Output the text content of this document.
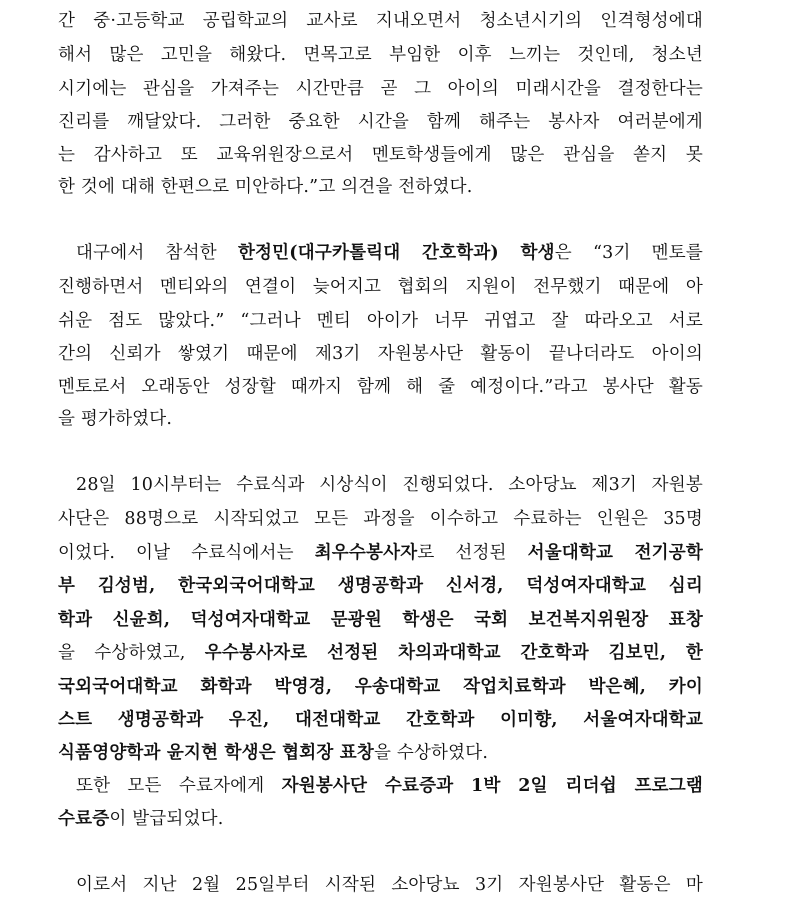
간 중·고등학교 공립학교의 교사로 지내오면서 청소년시기의 인격형성에대
해서 많은 고민을 해왔다. 면목고로 부임한 이후 느끼는 것인데, 청소년
시기에는 관심을 가져주는 시간만큼 곧 그 아이의 미래시간을 결정한다는
진리를 깨달았다. 그러한 중요한 시간을 함께 해주는 봉사자 여러분에게
는 감사하고 또 교육위원장으로서 멘토학생들에게 많은 관심을 쏟지 못
한 것에 대해 한편으로 미안하다.”고 의견을 전하였다.
대구에서 참석한 한정민(대구카톨릭대 간호학과) 학생은 “3기 멘토를
진행하면서 멘티와의 연결이 늦어지고 협회의 지원이 전무했기 때문에 아
쉬운 점도 많았다.” “그러나 멘티 아이가 너무 귀엽고 잘 따라오고 서로
간의 신뢰가 쌓였기 때문에 제3기 자원봉사단 활동이 끝나더라도 아이의
멘토로서 오래동안 성장할 때까지 함께 해 줄 예정이다.”라고 봉사단 활동
을 평가하였다.
28일 10시부터는 수료식과 시상식이 진행되었다. 소아당뇨 제3기 자원봉
사단은 88명으로 시작되었고 모든 과정을 이수하고 수료하는 인원은 35명
이었다. 이날 수료식에서는 최우수봉사자로 선정된 서울대학교 전기공학
부 김성범, 한국외국어대학교 생명공학과 신서경, 덕성여자대학교 심리
학과 신윤희, 덕성여자대학교 문광원 학생은 국회 보건복지위원장 표창
을 수상하였고, 우수봉사자로 선정된 차의과대학교 간호학과 김보민, 한
국외국어대학교 화학과 박영경, 우송대학교 작업치료학과 박은혜, 카이
스트 생명공학과 우진, 대전대학교 간호학과 이미향, 서울여자대학교
식품영양학과 윤지현 학생은 협회장 표창을 수상하였다.
또한 모든 수료자에게 자원봉사단 수료증과 1박 2일 리더쉽 프로그램
수료증이 발급되었다.
이로서 지난 2월 25일부터 시작된 소아당뇨 3기 자원봉사단 활동은 마
